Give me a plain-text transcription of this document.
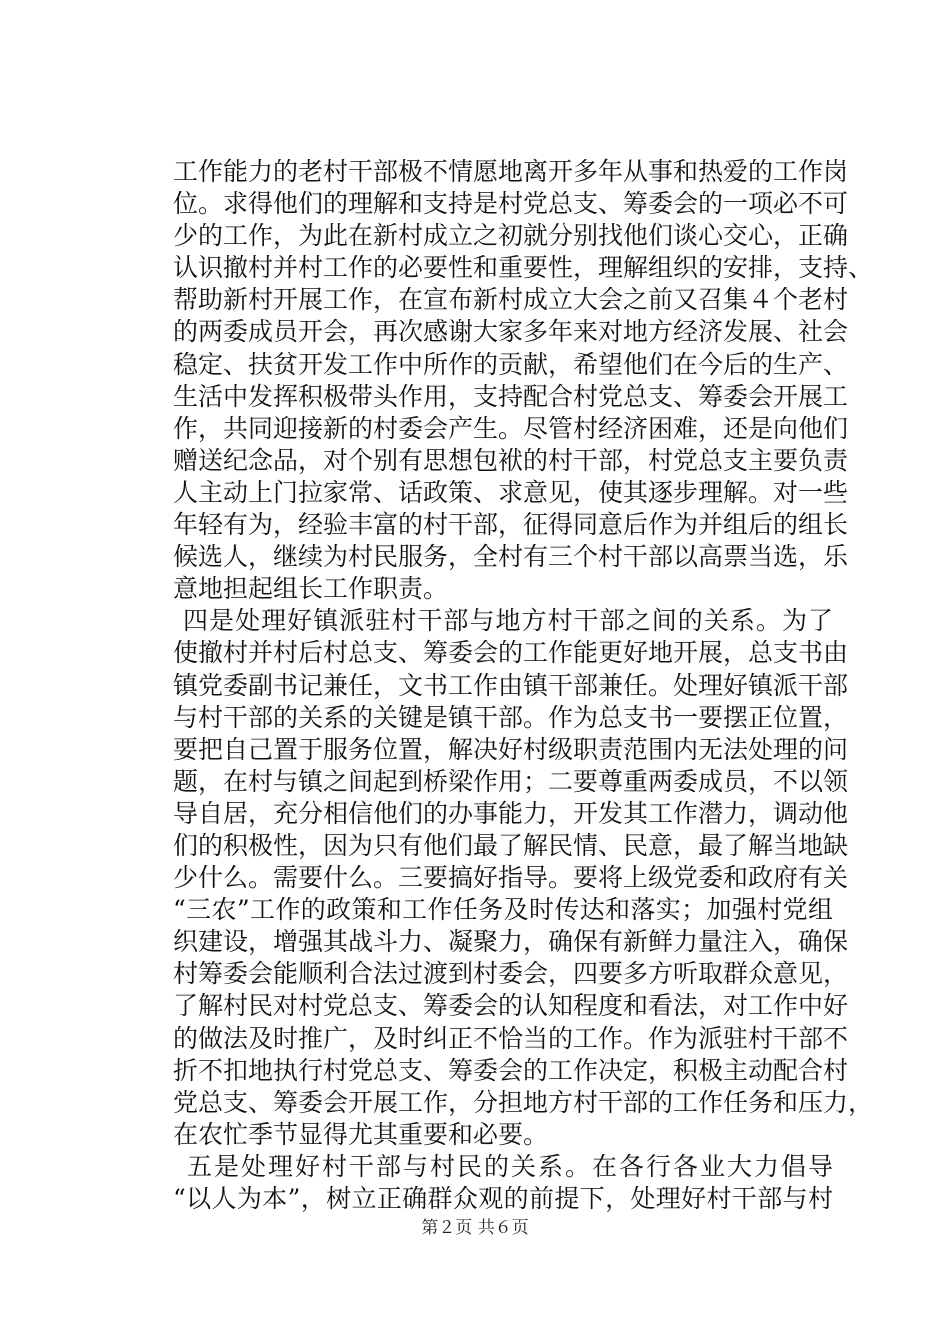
工作能力的老村干部极不情愿地离开多年从事和热爱的工作岗
位。求得他们的理解和支持是村党总支、筹委会的一项必不可
少的工作，为此在新村成立之初就分别找他们谈心交心，正确
认识撤村并村工作的必要性和重要性，理解组织的安排，支持、
帮助新村开展工作，在宣布新村成立大会之前又召集４个老村
的两委成员开会，再次感谢大家多年来对地方经济发展、社会
稳定、扶贫开发工作中所作的贡献，希望他们在今后的生产、
生活中发挥积极带头作用，支持配合村党总支、筹委会开展工
作，共同迎接新的村委会产生。尽管村经济困难，还是向他们
赠送纪念品，对个别有思想包袱的村干部，村党总支主要负责
人主动上门拉家常、话政策、求意见，使其逐步理解。对一些
年轻有为，经验丰富的村干部，征得同意后作为并组后的组长
候选人，继续为村民服务，全村有三个村干部以高票当选，乐
意地担起组长工作职责。
四是处理好镇派驻村干部与地方村干部之间的关系。为了
使撤村并村后村总支、筹委会的工作能更好地开展，总支书由
镇党委副书记兼任，文书工作由镇干部兼任。处理好镇派干部
与村干部的关系的关键是镇干部。作为总支书一要摆正位置，
要把自己置于服务位置，解决好村级职责范围内无法处理的问
题，在村与镇之间起到桥梁作用；二要尊重两委成员，不以领
导自居，充分相信他们的办事能力，开发其工作潜力，调动他
们的积极性，因为只有他们最了解民情、民意，最了解当地缺
少什么。需要什么。三要搞好指导。要将上级党委和政府有关
“三农”工作的政策和工作任务及时传达和落实；加强村党组
织建设，增强其战斗力、凝聚力，确保有新鲜力量注入，确保
村筹委会能顺利合法过渡到村委会，四要多方听取群众意见，
了解村民对村党总支、筹委会的认知程度和看法，对工作中好
的做法及时推广，及时纠正不恰当的工作。作为派驻村干部不
折不扣地执行村党总支、筹委会的工作决定，积极主动配合村
党总支、筹委会开展工作，分担地方村干部的工作任务和压力，
在农忙季节显得尤其重要和必要。
五是处理好村干部与村民的关系。在各行各业大力倡导
“以人为本”，树立正确群众观的前提下，处理好村干部与村
第２页 共６页
